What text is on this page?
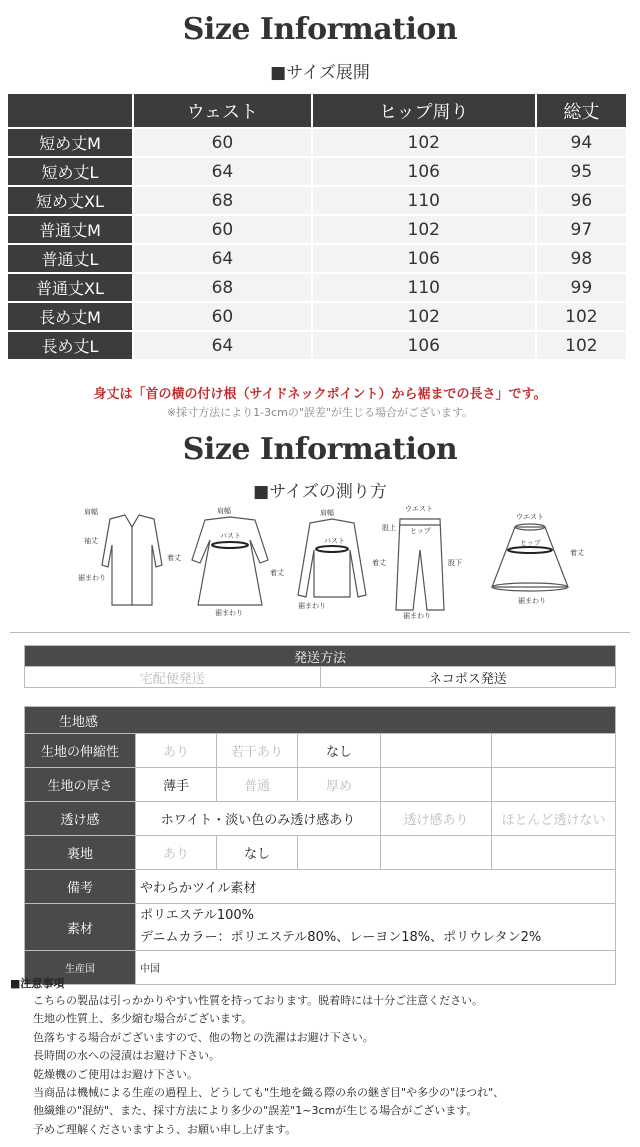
Size Information
■サイズ展開
	ウェスト	ヒップ周り	総丈
短め丈M	60	102	94
短め丈L	64	106	95
短め丈XL	68	110	96
普通丈M	60	102	97
普通丈L	64	106	98
普通丈XL	68	110	99
長め丈M	60	102	102
長め丈L	64	106	102
身丈は「首の横の付け根（サイドネックポイント）から裾までの長さ」です。
※採寸方法により1-3cmの"誤差"が生じる場合がございます。
Size Information
■サイズの測り方
肩幅
袖丈
着丈
裾まわり
肩幅
バスト
着丈
裾まわり
肩幅
バスト
着丈
裾まわり
ウエスト
ヒップ
股上
股下
裾まわり
ウエスト
ヒップ
着丈
裾まわり
発送方法
宅配便発送	ネコポス発送
生地感					
生地の伸縮性	あり	若干あり	なし		
生地の厚さ	薄手	普通	厚め		
透け感	ホワイト・淡い色のみ透け感あり			透け感あり	ほとんど透けない
裏地	あり	なし			
備考	やわらかツイル素材				
素材	ポリエステル100%
デニムカラー：ポリエステル80%、レーヨン18%、ポリウレタン2%				

生産国	中国				
■注意事項
こちらの製品は引っかかりやすい性質を持っております。脱着時には十分ご注意ください。
生地の性質上、多少縮む場合がございます。
色落ちする場合がございますので、他の物との洗濯はお避け下さい。
長時間の水への浸漬はお避け下さい。
乾燥機のご使用はお避け下さい。
当商品は機械による生産の過程上、どうしても"生地を織る際の糸の継ぎ目"や多少の"ほつれ"、
他繊維の"混紡"、また、採寸方法により多少の"誤差"1~3cmが生じる場合がございます。
予めご理解くださいますよう、お願い申し上げます。
